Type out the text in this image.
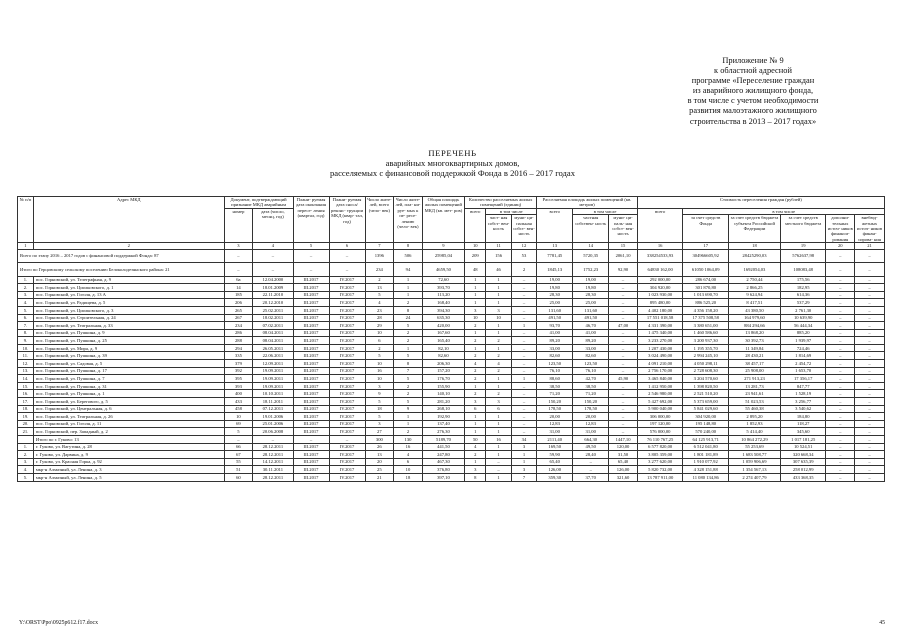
Приложение № 9
к областной адресной
программе «Переселение граждан
из аварийного жилищного фонда,
в том числе с учетом необходимости
развития малоэтажного жилищного
строительства в 2013 – 2017 годах»
ПЕРЕЧЕНЬ
аварийных многоквартирных домов,
расселяемых с финансовой поддержкой Фонда в 2016 – 2017 годах
№ п/п	Адрес МКД	Документ, подтверждающий признание МКД аварийным		Плани- руемая дата окончания пересе- ления (квартал, год)	Плани- руемая дата сноса/ реконс- трукции МКД (квар- тал, год)	Число жите- лей, всего (чело- век)	Число жите- лей, пла- ни- руе- мых к пе- ресе- лению (чело- век)	Общая площадь жилых помещений МКД (кв. мет- ров)	Количество расселяемых жилых помещений (единиц)			Расселяемая площадь жилых помещений (кв. метров)			Стоимость переселения граждан (рублей)					
		номер	дата (число, месяц, год)						всего	в том числе		всего	в том числе		всего	в том числе				
										част- ная собст- вен- ность	муни- ци- пальная собст- вен- ность		частная собствен- ность	муни- ци- паль- ная собст- вен- ность		за счет средств Фонда	за счет средств бюджета субъекта Российской Федерации	за счет средств местного бюджета	дополни- тельных источ- ников финанси- рования	внебюд- жетных источ- ников финан- сирова- ния
1	2	3	4	5	6	7	8	9	10	11	12	13	14	15	16	17	18	19	20	21
Всего по этапу 2016 – 2017 годов с финансовой поддержкой Фонда: 87		–	–	–	–	1396	506	25985,04	209	156	53	7781,45	5720,35	2061,10	338254533,93	304966605,92	28425290,03	5762637,98	–	–
Итого по Герцовскому сельскому поселению Белоколодезянского района: 21		–	–	–	–	234	94	4659,50	48	46	2	1845,13	1752,23	92,90	64830 162,00	61050 1064,09	1692054,03	108083,48	–	–
1.	пос. Горновский, ул. Телеграфная, д. 9	6а	12.04.2000	III.2017	IV.2017	2	1	72,60	1	1	–	19,00	19,00	–	292 000,00	286 674,00	2 750,44	175,56	–	–
2.	пос. Горновский, ул. Циолковского, д. 1	14	18.01.2009	III.2017	IV.2017	13	1	393,70	1	1	–	19,80	19,80	–	304 920,00	301 870,80	2 866,25	182,95	–	–
3.	пос. Горновский, ул. Гоголя, д. 13 А	185	22.11.2010	III.2017	IV.2017	5	1	113,20	1	1	–	28,30	28,30	–	1 023 930,00	1 013 690,70	9 624,94	614,36	–	–
4.	пос. Горновский, ул. Радищева, д. 5	206	20.12.2010	III.2017	IV.2017	4	2	168,40	1	1	–	25,00	25,00	–	895 480,00	886 525,20	8 417,51	537,29	–	–
5.	пос. Горновский, ул. Циолковского, д. 3	265	25.02.2011	III.2017	IV.2017	23	8	394,30	3	3	–	131,60	131,60	–	4 402 180,00	4 356 158,20	43 380,50	2 761,30	–	–
6.	пос. Горновский, ул. Строительная, д. 24	267	18.02.2011	III.2017	IV.2017	28	24	635,30	10	10	–	491,50	491,50	–	17 551 018,58	17 375 508,58	164 979,60	10 639,90	–	–
7.	пос. Горновский, ул. Театральная, д. 33	234	07.02.2011	III.2017	IV.2017	29	5	420,00	2	1	1	93,70	46,70	47,00	4 331 390,00	3 380 651,00	884 294,66	56 444,34	–	–
8.	пос. Горновский, ул. Пушкина, д. 9	286	08.04.2011	III.2017	IV.2017	10	2	167,60	1	1	–	41,00	41,00	–	1 475 340,00	1 460 586,60	13 868,20	885,20	–	–
9.	пос. Горновский, ул. Пушкина, д. 25	288	08.04.2011	III.2017	IV.2017	6	2	165,40	2	2	–	89,20	89,20	–	3 233 270,00	3 200 937,30	30 392,73	1 939,97	–	–
10.	пос. Горновский, ул. Мира, д. 9	294	26.05.2011	III.2017	IV.2017	2	1	82,10	1	1	–	33,00	33,00	–	1 207 430,00	1 195 355,70	11 349,84	724,46	–	–
11.	пос. Горновский, ул. Пушкина, д. 39	335	22.06.2011	III.2017	IV.2017	5	5	82,60	2	2	–	82,60	82,60	–	3 024 490,00	2 994 245,10	28 430,21	1 814,69	–	–
12.	пос. Горновский, ул. Садовая, д. 5	379	12.09.2011	III.2017	IV.2017	10	8	206,30	4	4	–	123,50	123,50	–	4 091 210,00	4 050 298,11	38 457,17	2 454,72	–	–
13.	пос. Горновский, ул. Пушкина, д. 17	392	19.09.2011	III.2017	IV.2017	16	7	157,20	2	2	–	76,10	76,10	–	2 756 170,00	2 728 608,30	25 908,00	1 653,70	–	–
14.	пос. Горновский, ул. Пушкина, д. 7	395	19.09.2011	III.2017	IV.2017	10	5	176,70	2	1	1	88,60	42,70	45,90	3 465 840,00	3 204 570,60	271 913,23	17 356,17	–	–
15.	пос. Горновский, ул. Пушкина, д. 31	393	19.09.2011	III.2017	IV.2017	3	2	155,90	1	1	–	38,50	38,50	–	1 412 950,00	1 398 820,50	13 281,73	847,77	–	–
16.	пос. Горновский, ул. Пушкина, д. 1	400	10.10.2011	III.2017	IV.2017	9	2	140,10	2	2	–	71,20	71,20	–	2 546 980,00	2 521 510,20	23 941,61	1 528,19	–	–
17.	пос. Горновский, ул. Берегового, д. 5	433	18.11.2011	III.2017	IV.2017	5	5	281,20	3	3	–	150,20	150,20	–	5 427 692,00	5 373 659,00	51 023,53	3 256,77	–	–
18.	пос. Горновский, ул. Центральная, д. 6	458	07.12.2011	III.2017	IV.2017	18	9	268,10	6	6	–	178,50	178,50	–	5 900 040,00	5 841 029,60	55 460,38	3 540,62	–	–
19.	пос. Горновский, ул. Театральная, д. 26	10	19.01.2006	III.2017	IV.2017	5	1	192,90	1	1	–	20,00	20,00	–	306 000,00	304 920,00	2 895,20	184,80	–	–
20.	пос. Горновский, ул. Гоголя, д. 11	69	25.01.2006	III.2017	IV.2017	3	1	137,40	1	1	–	12,83	12,83	–	197 120,00	195 148,80	1 852,93	118,27	–	–
21.	пос. Горновский, пер. Западный, д. 2	5	20.06.2008	III.2017	IV.2017	27	2	276,30	1	1	–	31,00	31,00	–	576 000,00	570 240,00	5 414,40	345,60	–	–
	Итого по г. Гуково: 13	–	–	–	–	300	130	5189,70	50	16	34	2111,40	664,30	1447,10	76 110 767,25	64 125 913,71	10 864 272,29	1 017 181,25	–	–
1.	г. Гуково, ул. Вагутина, д. 28	66	28.12.2011	III.2017	IV.2017	26	16	441,50	4	1	3	169,50	49,50	120,00	6 577 820,00	6 512 041,80	55 253,69	10 524,51	–	–
2.	г. Гуково, ул. Дарвина, д. 9	67	28.12.2011	III.2017	IV.2017	13	4	247,80	2	1	1	59,90	28,40	31,50	3 805 359,00	1 801 181,89	1 683 508,77	320 668,34	–	–
3.	г. Гуково, ул. Красная Горка, д. 92	55	14.12.2011	III.2017	IV.2017	20	6	467,30	1	–	1	65,40	–	65,40	3 277 620,00	1 910 077,92	1 059 906,69	307 635,39	–	–
4.	мкр-н Алмазный, ул. Ленина, д. 3	51	30.11.2011	III.2017	IV.2017	25	10	376,80	3	–	3	126,00	–	126,00	5 820 732,00	4 328 151,88	1 354 567,13	258 012,99	–	–
5.	мкр-н Алмазный, ул. Ленина, д. 5	60	28.12.2011	III.2017	IV.2017	21	18	397,10	8	1	7	359,30	37,70	321,60	13 787 911,00	11 080 134,86	2 274 407,79	433 368,35	–	–
Y:\ORST\Ppo\0925p612.f17.docx	45
